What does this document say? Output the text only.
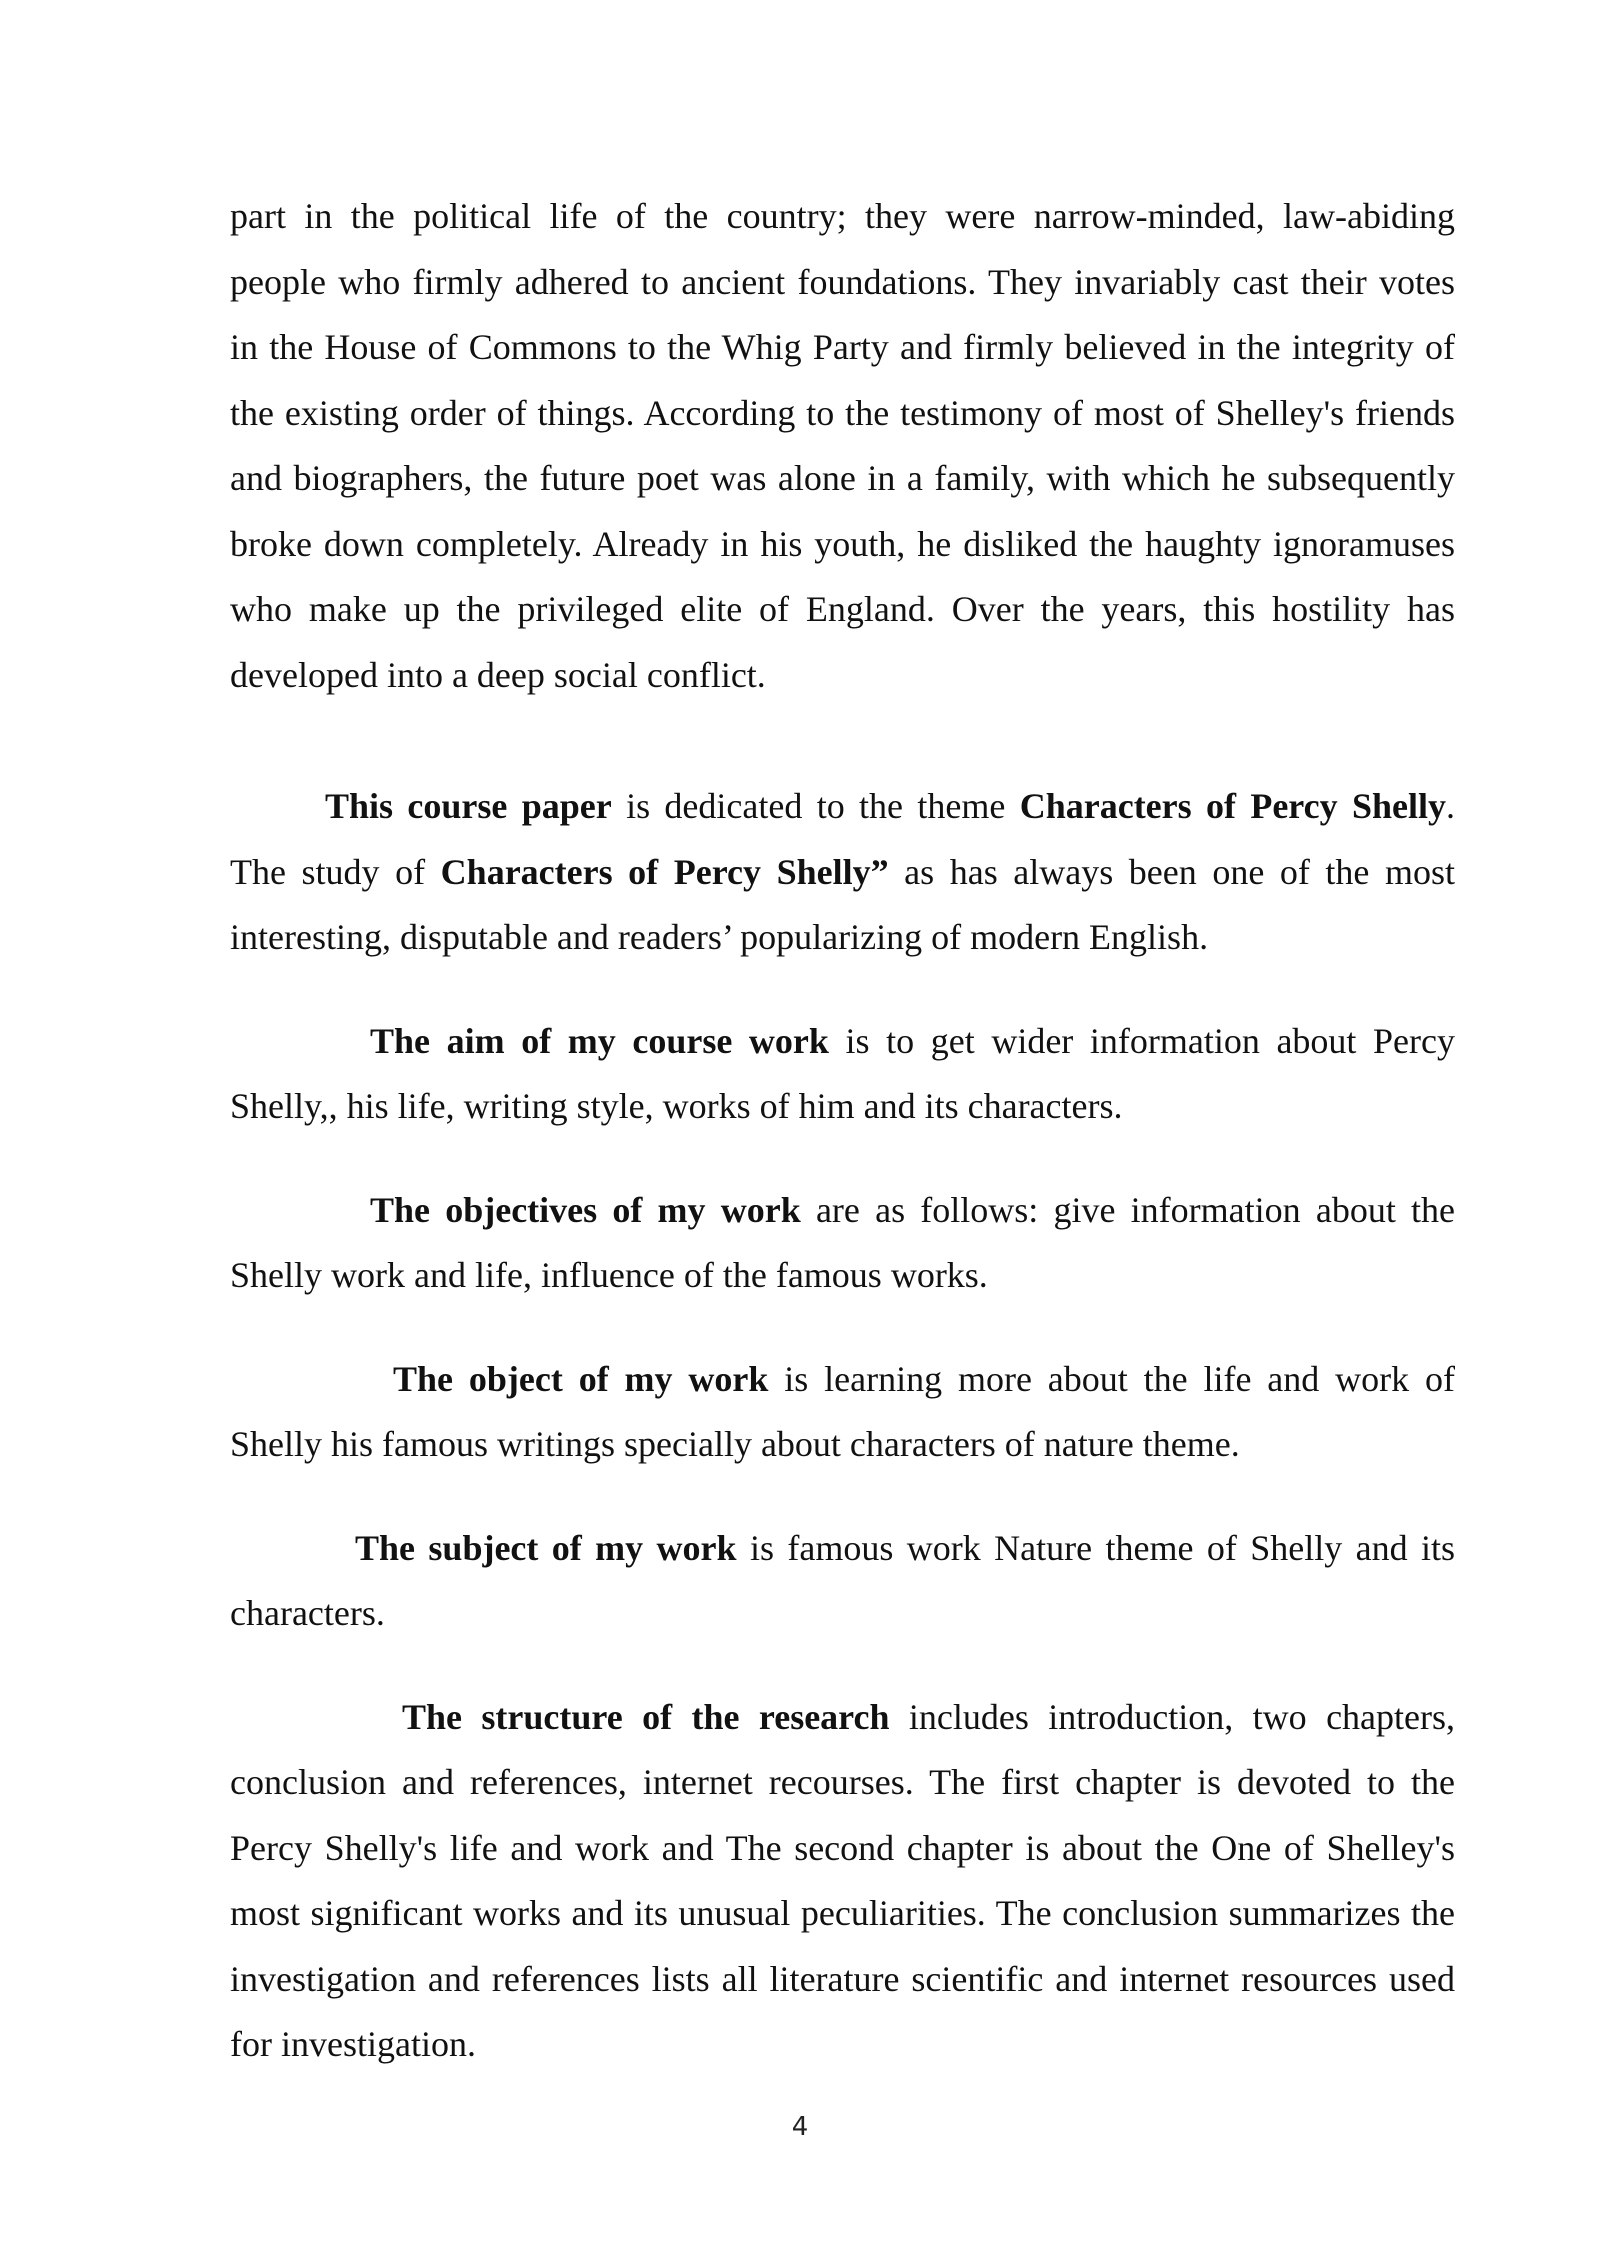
part in the political life of the country; they were narrow-minded, law-abiding people who firmly adhered to ancient foundations. They invariably cast their votes in the House of Commons to the Whig Party and firmly believed in the integrity of the existing order of things. According to the testimony of most of Shelley's friends and biographers, the future poet was alone in a family, with which he subsequently broke down completely. Already in his youth, he disliked the haughty ignoramuses who make up the privileged elite of England. Over the years, this hostility has developed into a deep social conflict.

This course paper is dedicated to the theme Characters of Percy Shelly. The study of Characters of Percy Shelly” as has always been one of the most interesting, disputable and readers’ popularizing of modern English.

The aim of my course work is to get wider information about Percy Shelly,, his life, writing style, works of him and its characters.

The objectives of my work are as follows: give information about the Shelly work and life, influence of the famous works.

The object of my work is learning more about the life and work of Shelly his famous writings specially about characters of nature theme.

The subject of my work is famous work Nature theme of Shelly and its characters.

The structure of the research includes introduction, two chapters, conclusion and references, internet recourses. The first chapter is devoted to the Percy Shelly's life and work and The second chapter is about the One of Shelley's most significant works and its unusual peculiarities. The conclusion summarizes the investigation and references lists all literature scientific and internet resources used for investigation.

4
